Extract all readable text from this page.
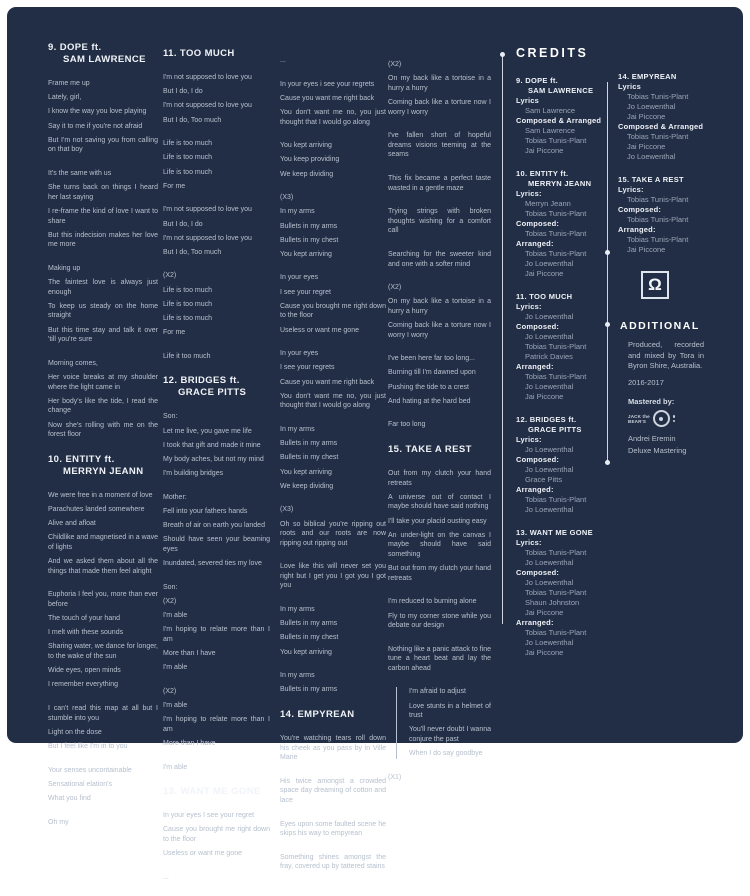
9. DOPE ft.
SAM LAWRENCE

Frame me up

Lately, girl,

I know the way you love playing

Say it to me if you're not afraid

But I'm not saving you from calling on that boy

It's the same with us

She turns back on things I heard her last saying

I re-frame the kind of love I want to share

But this indecision makes her love me more

Making up

The faintest love is always just enough

To keep us steady on the home straight

But this time stay and talk it over 'till you're sure

Morning comes,

Her voice breaks at my shoulder where the light came in

Her body's like the tide, I read the change

Now she's rolling with me on the forest floor

10. ENTITY ft.
MERRYN JEANN

We were free in a moment of love

Parachutes landed somewhere

Alive and afloat

Childlike and magnetised in a wave of lights

And we asked them about all the things that made them feel alright

Euphoria I feel you, more than ever before

The touch of your hand

I melt with these sounds

Sharing water, we dance for longer, to the wake of the sun

Wide eyes, open minds

I remember everything

I can't read this map at all but I stumble into you

Light on the dose

But I feel like I'm in to you

Your senses uncontainable

Sensational elation's

What you find

Oh my

11. TOO MUCH

I'm not supposed to love you

But I do, I do

I'm not supposed to love you

But I do, Too much

Life is too much

Life is too much

Life is too much

For me

I'm not supposed to love you

But I do, I do

I'm not supposed to love you

But I do, Too much

(X2)

Life is too much

Life is too much

Life is too much

For me

Life it too much

12. BRIDGES ft.
GRACE PITTS

Son:

Let me live, you gave me life

I took that gift and made it mine

My body aches, but not my mind

I'm building bridges

Mother:

Fell into your fathers hands

Breath of air on earth you landed

Should have seen your beaming eyes

Inundated, severed ties my love

Son:

(X2)

I'm able

I'm hoping to relate more than I am

More than I have

I'm able

(X2)

I'm able

I'm hoping to relate more than I am

More than I have

I'm able

13. WANT ME GONE

In your eyes I see your regret

Cause you brought me right down to the floor

Useless or want me gone

...

...

In your eyes i see your regrets

Cause you want me right back

You don't want me no, you just thought that I would go along

You kept arriving

You keep providing

We keep dividing

(X3)

In my arms

Bullets in my arms

Bullets in my chest

You kept arriving

In your eyes

I see your regret

Cause you brought me right down to the floor

Useless or want me gone

In your eyes

I see your regrets

Cause you want me right back

You don't want me no, you just thought that I would go along

In my arms

Bullets in my arms

Bullets in my chest

You kept arriving

We keep dividing

(X3)

Oh so biblical you're ripping out roots and our roots are now ripping out ripping out

Love like this will never set you right but I get you I got you I got you

In my arms

Bullets in my arms

Bullets in my chest

You kept arriving

In my arms

Bullets in my arms

14. EMPYREAN

You're watching tears roll down his cheek as you pass by in Ville Marie

His twice amongst a crowded space day dreaming of cotton and lace

Eyes upon some faulted scene he skips his way to empyrean

Something shines amongst the fray, covered up by tattered stains

(X2)

On my back like a tortoise in a hurry a hurry

Coming back like a torture now I worry I worry

I've fallen short of hopeful dreams visions teeming at the seams

This fix became a perfect taste wasted in a gentle maze

Trying strings with broken thoughts wishing for a comfort call

Searching for the sweeter kind and one with a softer mind

(X2)

On my back like a tortoise in a hurry a hurry

Coming back like a torture now I worry I worry

I've been here far too long...

Burning till I'm dawned upon

Pushing the tide to a crest

And hating at the hard bed

Far too long

15. TAKE A REST

Out from my clutch your hand retreats

A universe out of contact I maybe should have said nothing

I'll take your placid ousting easy

An under-light on the canvas I maybe should have said something

But out from my clutch your hand retreats

I'm reduced to burning alone

Fly to my corner stone while you debate our design

Nothing like a panic attack to fine tune a heart beat and lay the carbon ahead

I'm afraid to adjust

Love stunts in a helmet of trust

You'll never doubt I wanna conjure the past

When I do say goodbye

(X1)

CREDITS

9. DOPE ft.

SAM LAWRENCE

Lyrics

Sam Lawrence

Composed & Arranged

Sam Lawrence

Tobias Tunis-Plant

Jai Piccone

10. ENTITY ft.

MERRYN JEANN

Lyrics:

Merryn Jeann

Tobias Tunis-Plant

Composed:

Tobias Tunis-Plant

Arranged:

Tobias Tunis-Plant

Jo Loewenthal

Jai Piccone

11. TOO MUCH

Lyrics:

Jo Loewenthal

Composed:

Jo Loewenthal

Tobias Tunis-Plant

Patrick Davies

Arranged:

Tobias Tunis-Plant

Jo Loewenthal

Jai Piccone

12. BRIDGES ft.

GRACE PITTS

Lyrics:

Jo Loewenthal

Composed:

Jo Loewenthal

Grace Pitts

Arranged:

Tobias Tunis-Plant

Jo Loewenthal

13. WANT ME GONE

Lyrics:

Tobias Tunis-Plant

Jo Loewenthal

Composed:

Jo Loewenthal

Tobias Tunis-Plant

Shaun Johnston

Jai Piccone

Arranged:

Tobias Tunis-Plant

Jo Loewenthal

Jai Piccone

14. EMPYREAN

Lyrics

Tobias Tunis-Plant

Jo Loewenthal

Jai Piccone

Composed & Arranged

Tobias Tunis-Plant

Jai Piccone

Jo Loewenthal

15. TAKE A REST

Lyrics:

Tobias Tunis-Plant

Composed:

Tobias Tunis-Plant

Arranged:

Tobias Tunis-Plant

Jai Piccone

Ω
ADDITIONAL

Produced, recorded and mixed by Tora in Byron Shire, Australia.

2016-2017

Mastered by:

JACK the
BEAR'S

Andrei Eremin

Deluxe Mastering
